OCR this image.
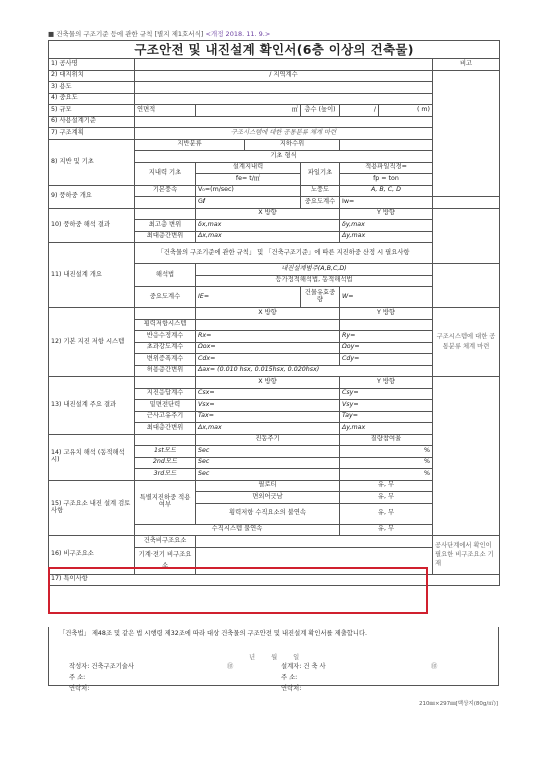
■ 건축물의 구조기준 등에 관한 규칙 [별지 제1호서식] <개정 2018. 11. 9.>
구조안전 및 내진설계 확인서(6층 이상의 건축물)							
1) 공사명							비고
2) 대지위치	/ 지역계수						
3) 용도							
4) 중요도							
5) 규모	연면적	㎡		층수 (높이)	/	( m)	
6) 사용설계기준							
7) 구조계획	구조시스템에 대한 공통분류 체계 마련						
8) 지반 및 기초	지반분류		지하수위				
	기초 형식						
	지내력 기초	설계지내력		파일기초	적용파일직경=		
		fe= t/㎡			fp = ton		
9) 풍하중 개요	기본풍속	V₀=(m/sec)		노풍도	A, B, C, D		
		G𝒇		중요도계수	Iw=		
10) 풍하중 해석 결과		X 방향			Y 방향		
	최고층 변위	δx,max			δy,max		
	최대층간변위	Δx,max			Δy,max		
11) 내진설계 개요	「건축물의 구조기준에 관한 규칙」 및 「건축구조기준」에 따른 지진하중 산정 시 필요사항						
	해석법	내진설계범주(A,B,C,D)					
		등가정적해석법, 동적해석법					
	중요도계수	IE=		건물유효중량	W=		
12) 기본 지진 저항 시스템		X 방향			Y 방향		구조시스템에 대한 공통분류 체계 마련
	횡력저항시스템						
	반응수정계수	Rx=			Ry=		
	초과강도계수	Ωox=			Ωoy=		
	변위증폭계수	Cdx=			Cdy=		
	허용층간변위	Δax= (0.010 hsx, 0.015hsx, 0.020hsx)					
13) 내진설계 주요 결과		X 방향			Y 방향		
	지진응답계수	Csx=			Csy=		
	밑면전단력	Vsx=			Vsy=		
	근사고유주기	Tax=			Tay=		
	최대층간변위	Δx,max			Δy,max		
14) 고유치 해석 (동적해석 시)		진동주기			질량참여율		
	1st모드	Sec			%		
	2nd모드	Sec			%		
	3rd모드	Sec			%		
15) 구조요소 내진 설계 검토사항	특별지진하중 적용 여부	필로티			유, 무		
		면외어긋남			유, 무		
		횡력저항 수직요소의 불연속			유, 무		
	수직시스템 불연속				유, 무		
16) 비구조요소	건축비구조요소						공사단계에서 확인이 필요한 비구조요소 기재
	기계·전기 비구조요소						
17) 특이사항							
「건축법」 제48조 및 같은 법 시행령 제32조에 따라 대상 건축물의 구조안전 및 내진설계 확인서를 제출합니다.
년 월 일
작성자: 건축구조기술사	㊞	설계자: 건 축 사	㊞
주 소:	주 소:
연락처:	연락처:
210㎜×297㎜[백상지(80g/㎡)]
